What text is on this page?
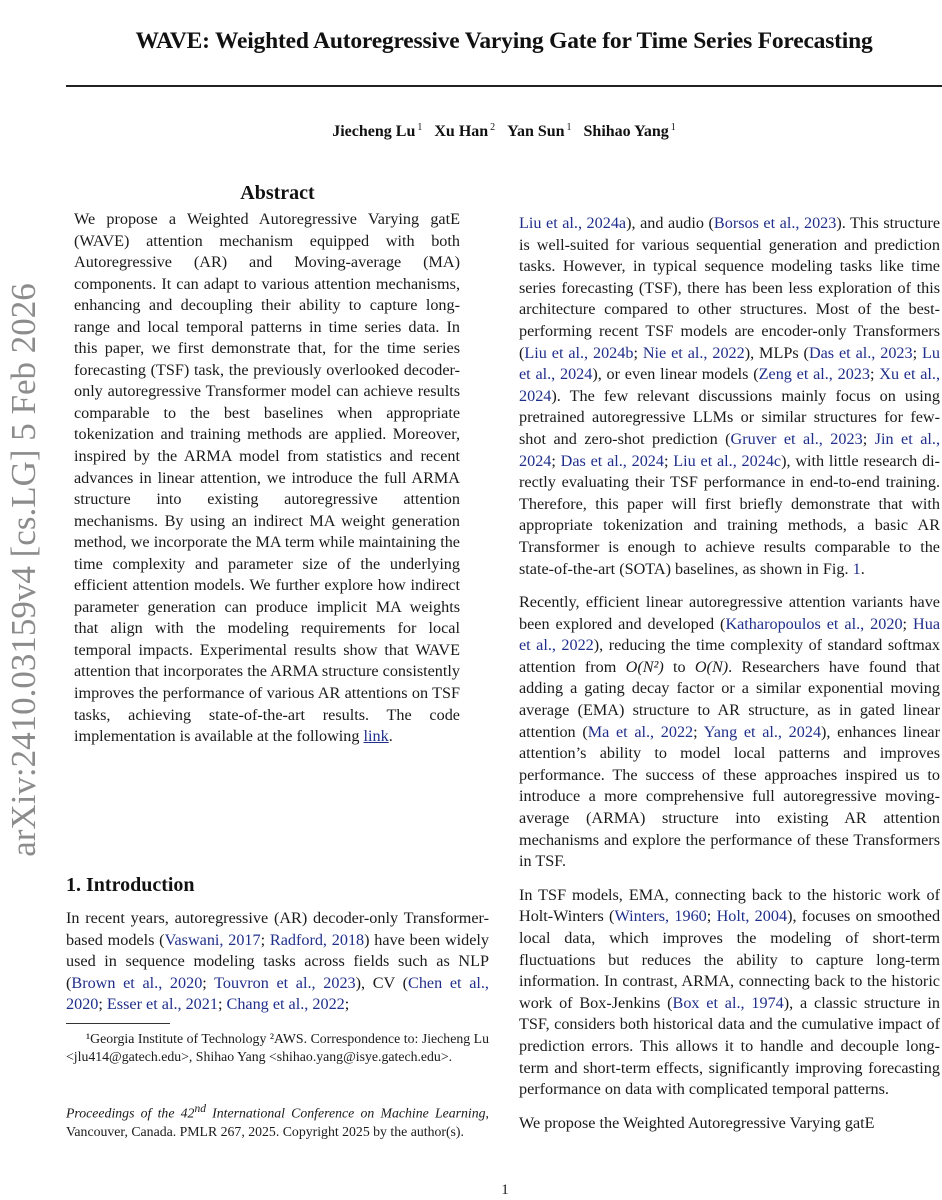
arXiv:2410.03159v4 [cs.LG] 5 Feb 2026
WAVE: Weighted Autoregressive Varying Gate for Time Series Forecasting
Jiecheng Lu $^1$ Xu Han $^2$ Yan Sun $^1$ Shihao Yang $^1$
Abstract

We propose a Weighted Autoregressive Varying gatE (WAVE) attention mechanism equipped with both Autoregressive (AR) and Moving-average (MA) components. It can adapt to various attention mechanisms, enhancing and decoupling their ability to capture long-range and local temporal patterns in time series data. In this paper, we first demonstrate that, for the time series forecasting (TSF) task, the previously overlooked decoder-only autoregressive Transformer model can achieve results comparable to the best baselines when appropriate tokenization and training methods are applied. Moreover, inspired by the ARMA model from statistics and recent advances in linear attention, we introduce the full ARMA structure into existing autoregressive attention mechanisms. By using an indirect MA weight generation method, we incorporate the MA term while maintaining the time complexity and parameter size of the underlying efficient attention models. We further explore how indirect parameter generation can produce implicit MA weights that align with the modeling requirements for local temporal impacts. Experimental results show that WAVE attention that incorporates the ARMA structure consistently improves the performance of various AR attentions on TSF tasks, achieving state-of-the-art results. The code implementation is available at the following link.

1. Introduction

In recent years, autoregressive (AR) decoder-only Transformer-based models (Vaswani, 2017; Radford, 2018) have been widely used in sequence modeling tasks across fields such as NLP (Brown et al., 2020; Touvron et al., 2023), CV (Chen et al., 2020; Esser et al., 2021; Chang et al., 2022;

¹Georgia Institute of Technology ²AWS. Correspondence to: Jiecheng Lu <jlu414@gatech.edu>, Shihao Yang <shihao.yang@isye.gatech.edu>.

Proceedings of the 42nd International Conference on Machine Learning, Vancouver, Canada. PMLR 267, 2025. Copyright 2025 by the author(s).

Liu et al., 2024a), and audio (Borsos et al., 2023). This structure is well-suited for various sequential generation and prediction tasks. However, in typical sequence modeling tasks like time series forecasting (TSF), there has been less exploration of this architecture compared to other structures. Most of the best-performing recent TSF models are encoder-only Transformers (Liu et al., 2024b; Nie et al., 2022), MLPs (Das et al., 2023; Lu et al., 2024), or even linear models (Zeng et al., 2023; Xu et al., 2024). The few relevant discussions mainly focus on using pretrained autoregressive LLMs or similar structures for few-shot and zero-shot prediction (Gruver et al., 2023; Jin et al., 2024; Das et al., 2024; Liu et al., 2024c), with little research directly evaluating their TSF performance in end-to-end training. Therefore, this paper will first briefly demonstrate that with appropriate tokenization and training methods, a basic AR Transformer is enough to achieve results comparable to the state-of-the-art (SOTA) baselines, as shown in Fig. 1.

Recently, efficient linear autoregressive attention variants have been explored and developed (Katharopoulos et al., 2020; Hua et al., 2022), reducing the time complexity of standard softmax attention from O(N²) to O(N). Researchers have found that adding a gating decay factor or a similar exponential moving average (EMA) structure to AR structure, as in gated linear attention (Ma et al., 2022; Yang et al., 2024), enhances linear attention’s ability to model local patterns and improves performance. The success of these approaches inspired us to introduce a more comprehensive full autoregressive moving-average (ARMA) structure into existing AR attention mechanisms and explore the performance of these Transformers in TSF.

In TSF models, EMA, connecting back to the historic work of Holt-Winters (Winters, 1960; Holt, 2004), focuses on smoothed local data, which improves the modeling of short-term fluctuations but reduces the ability to capture long-term information. In contrast, ARMA, connecting back to the historic work of Box-Jenkins (Box et al., 1974), a classic structure in TSF, considers both historical data and the cumulative impact of prediction errors. This allows it to handle and decouple long-term and short-term effects, significantly improving forecasting performance on data with complicated temporal patterns.

We propose the Weighted Autoregressive Varying gatE

1
